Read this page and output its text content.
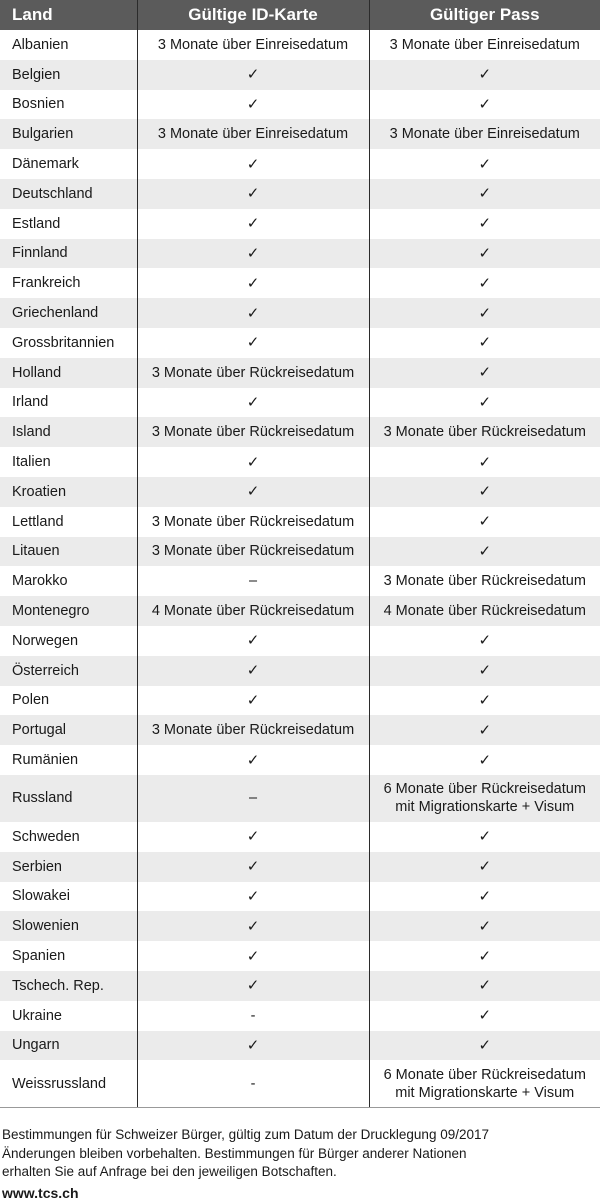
Land	Gültige ID-Karte	Gültiger Pass
Albanien	3 Monate über Einreisedatum	3 Monate über Einreisedatum
Belgien	✓	✓
Bosnien	✓	✓
Bulgarien	3 Monate über Einreisedatum	3 Monate über Einreisedatum
Dänemark	✓	✓
Deutschland	✓	✓
Estland	✓	✓
Finnland	✓	✓
Frankreich	✓	✓
Griechenland	✓	✓
Grossbritannien	✓	✓
Holland	3 Monate über Rückreisedatum	✓
Irland	✓	✓
Island	3 Monate über Rückreisedatum	3 Monate über Rückreisedatum
Italien	✓	✓
Kroatien	✓	✓
Lettland	3 Monate über Rückreisedatum	✓
Litauen	3 Monate über Rückreisedatum	✓
Marokko	–	3 Monate über Rückreisedatum
Montenegro	4 Monate über Rückreisedatum	4 Monate über Rückreisedatum
Norwegen	✓	✓
Österreich	✓	✓
Polen	✓	✓
Portugal	3 Monate über Rückreisedatum	✓
Rumänien	✓	✓
Russland	–	6 Monate über Rückreisedatum
mit Migrationskarte + Visum
Schweden	✓	✓
Serbien	✓	✓
Slowakei	✓	✓
Slowenien	✓	✓
Spanien	✓	✓
Tschech. Rep.	✓	✓
Ukraine	-	✓
Ungarn	✓	✓
Weissrussland	-	6 Monate über Rückreisedatum
mit Migrationskarte + Visum
Bestimmungen für Schweizer Bürger, gültig zum Datum der Drucklegung 09/2017
Änderungen bleiben vorbehalten. Bestimmungen für Bürger anderer Nationen
erhalten Sie auf Anfrage bei den jeweiligen Botschaften.
www.tcs.ch
